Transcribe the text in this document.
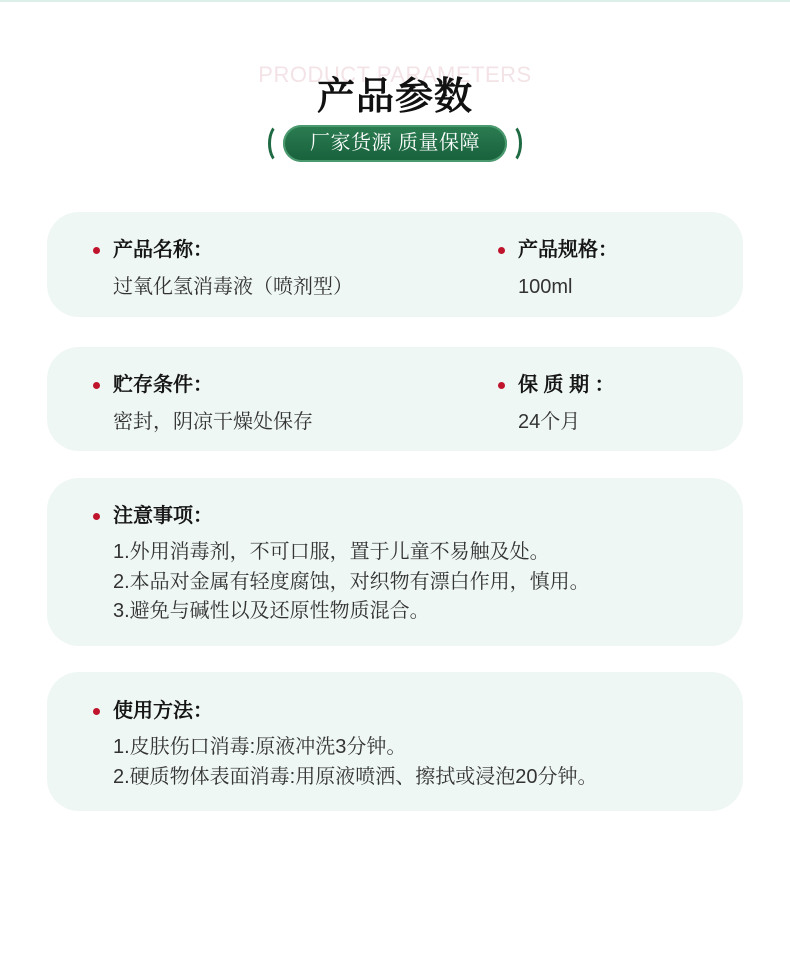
PRODUCT PARAMETERS
产品参数
厂家货源 质量保障
产品名称：
过氧化氢消毒液（喷剂型）
产品规格：
100ml
贮存条件：
密封，阴凉干燥处保存
保 质 期 ：
24个月
注意事项：
1.外用消毒剂，不可口服，置于儿童不易触及处。
2.本品对金属有轻度腐蚀，对织物有漂白作用，慎用。
3.避免与碱性以及还原性物质混合。
使用方法：
1.皮肤伤口消毒:原液冲洗3分钟。
2.硬质物体表面消毒:用原液喷洒、擦拭或浸泡20分钟。
